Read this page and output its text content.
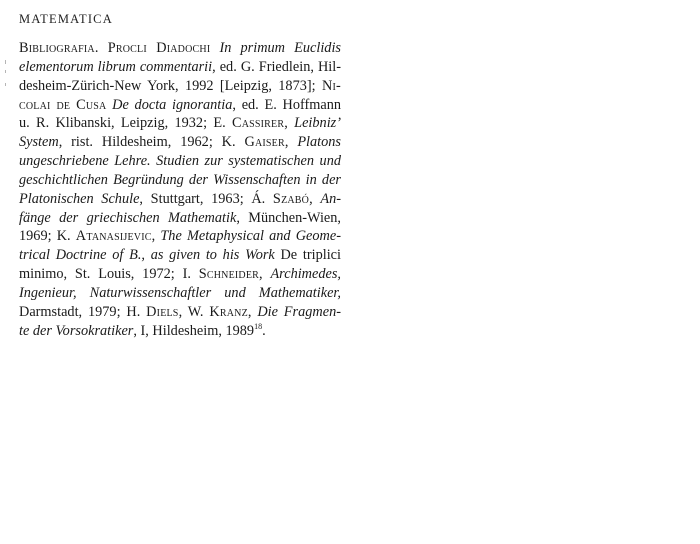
MATEMATICA
Bibliografia. Procli Diadochi In primum Euclidis
elementorum librum commentarii, ed. G. Friedlein, Hil-
desheim-Zürich-New York, 1992 [Leipzig, 1873]; Ni-
colai de Cusa De docta ignorantia, ed. E. Hoffmann
u. R. Klibanski, Leipzig, 1932; E. Cassirer, Leibniz’
System, rist. Hildesheim, 1962; K. Gaiser, Platons
ungeschriebene Lehre. Studien zur systematischen und
geschichtlichen Begründung der Wissenschaften in der
Platonischen Schule, Stuttgart, 1963; Á. Szabó, An-
fänge der griechischen Mathematik, München-Wien,
1969; K. Atanasijevic, The Metaphysical and Geome-
trical Doctrine of B., as given to his Work De triplici
minimo, St. Louis, 1972; I. Schneider, Archimedes,
Ingenieur, Naturwissenschaftler und Mathematiker,
Darmstadt, 1979; H. Diels, W. Kranz, Die Fragmen-
te der Vorsokratiker, I, Hildesheim, 1989$^{18}$.
